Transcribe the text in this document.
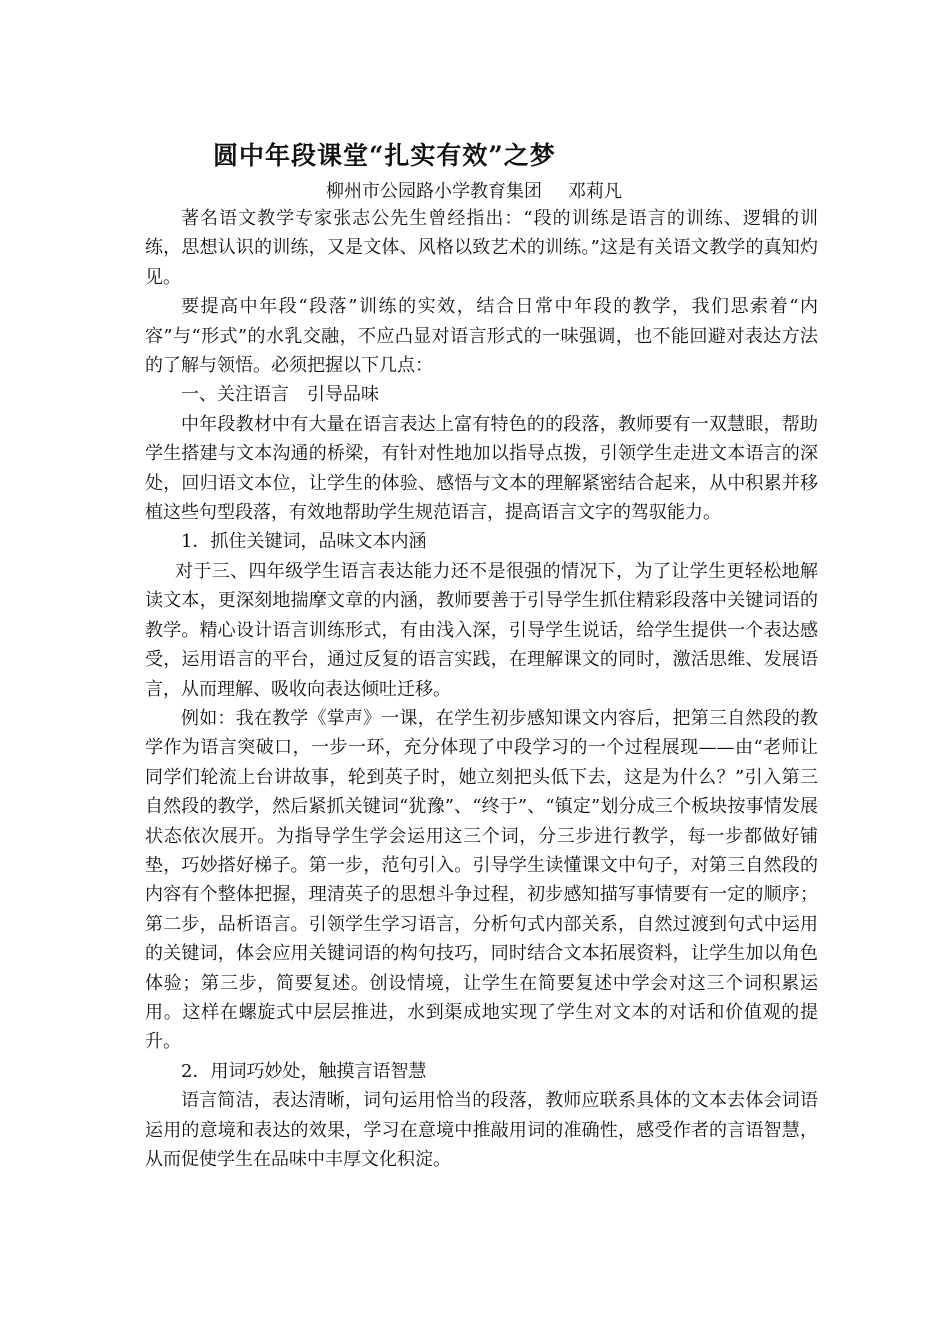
圆中年段课堂“扎实有效”之梦

柳州市公园路小学教育集团 邓莉凡

著名语文教学专家张志公先生曾经指出：“段的训练是语言的训练、逻辑的训练，思想认识的训练，又是文体、风格以致艺术的训练。”这是有关语文教学的真知灼见。

要提高中年段“段落”训练的实效，结合日常中年段的教学，我们思索着“内容”与“形式”的水乳交融，不应凸显对语言形式的一味强调，也不能回避对表达方法的了解与领悟。必须把握以下几点：

一、关注语言　引导品味

中年段教材中有大量在语言表达上富有特色的的段落，教师要有一双慧眼，帮助学生搭建与文本沟通的桥梁，有针对性地加以指导点拨，引领学生走进文本语言的深处，回归语文本位，让学生的体验、感悟与文本的理解紧密结合起来，从中积累并移植这些句型段落，有效地帮助学生规范语言，提高语言文字的驾驭能力。

1．抓住关键词，品味文本内涵

对于三、四年级学生语言表达能力还不是很强的情况下，为了让学生更轻松地解读文本，更深刻地揣摩文章的内涵，教师要善于引导学生抓住精彩段落中关键词语的教学。精心设计语言训练形式，有由浅入深，引导学生说话，给学生提供一个表达感受，运用语言的平台，通过反复的语言实践，在理解课文的同时，激活思维、发展语言，从而理解、吸收向表达倾吐迁移。

例如：我在教学《掌声》一课，在学生初步感知课文内容后，把第三自然段的教学作为语言突破口，一步一环，充分体现了中段学习的一个过程展现——由“老师让同学们轮流上台讲故事，轮到英子时，她立刻把头低下去，这是为什么？”引入第三自然段的教学，然后紧抓关键词“犹豫”、“终于”、“镇定”划分成三个板块按事情发展状态依次展开。为指导学生学会运用这三个词，分三步进行教学，每一步都做好铺垫，巧妙搭好梯子。第一步，范句引入。引导学生读懂课文中句子，对第三自然段的内容有个整体把握，理清英子的思想斗争过程，初步感知描写事情要有一定的顺序；第二步，品析语言。引领学生学习语言，分析句式内部关系，自然过渡到句式中运用的关键词，体会应用关键词语的构句技巧，同时结合文本拓展资料，让学生加以角色体验；第三步，简要复述。创设情境，让学生在简要复述中学会对这三个词积累运用。这样在螺旋式中层层推进，水到渠成地实现了学生对文本的对话和价值观的提升。

2．用词巧妙处，触摸言语智慧

语言简洁，表达清晰，词句运用恰当的段落，教师应联系具体的文本去体会词语运用的意境和表达的效果，学习在意境中推敲用词的准确性，感受作者的言语智慧，从而促使学生在品味中丰厚文化积淀。
